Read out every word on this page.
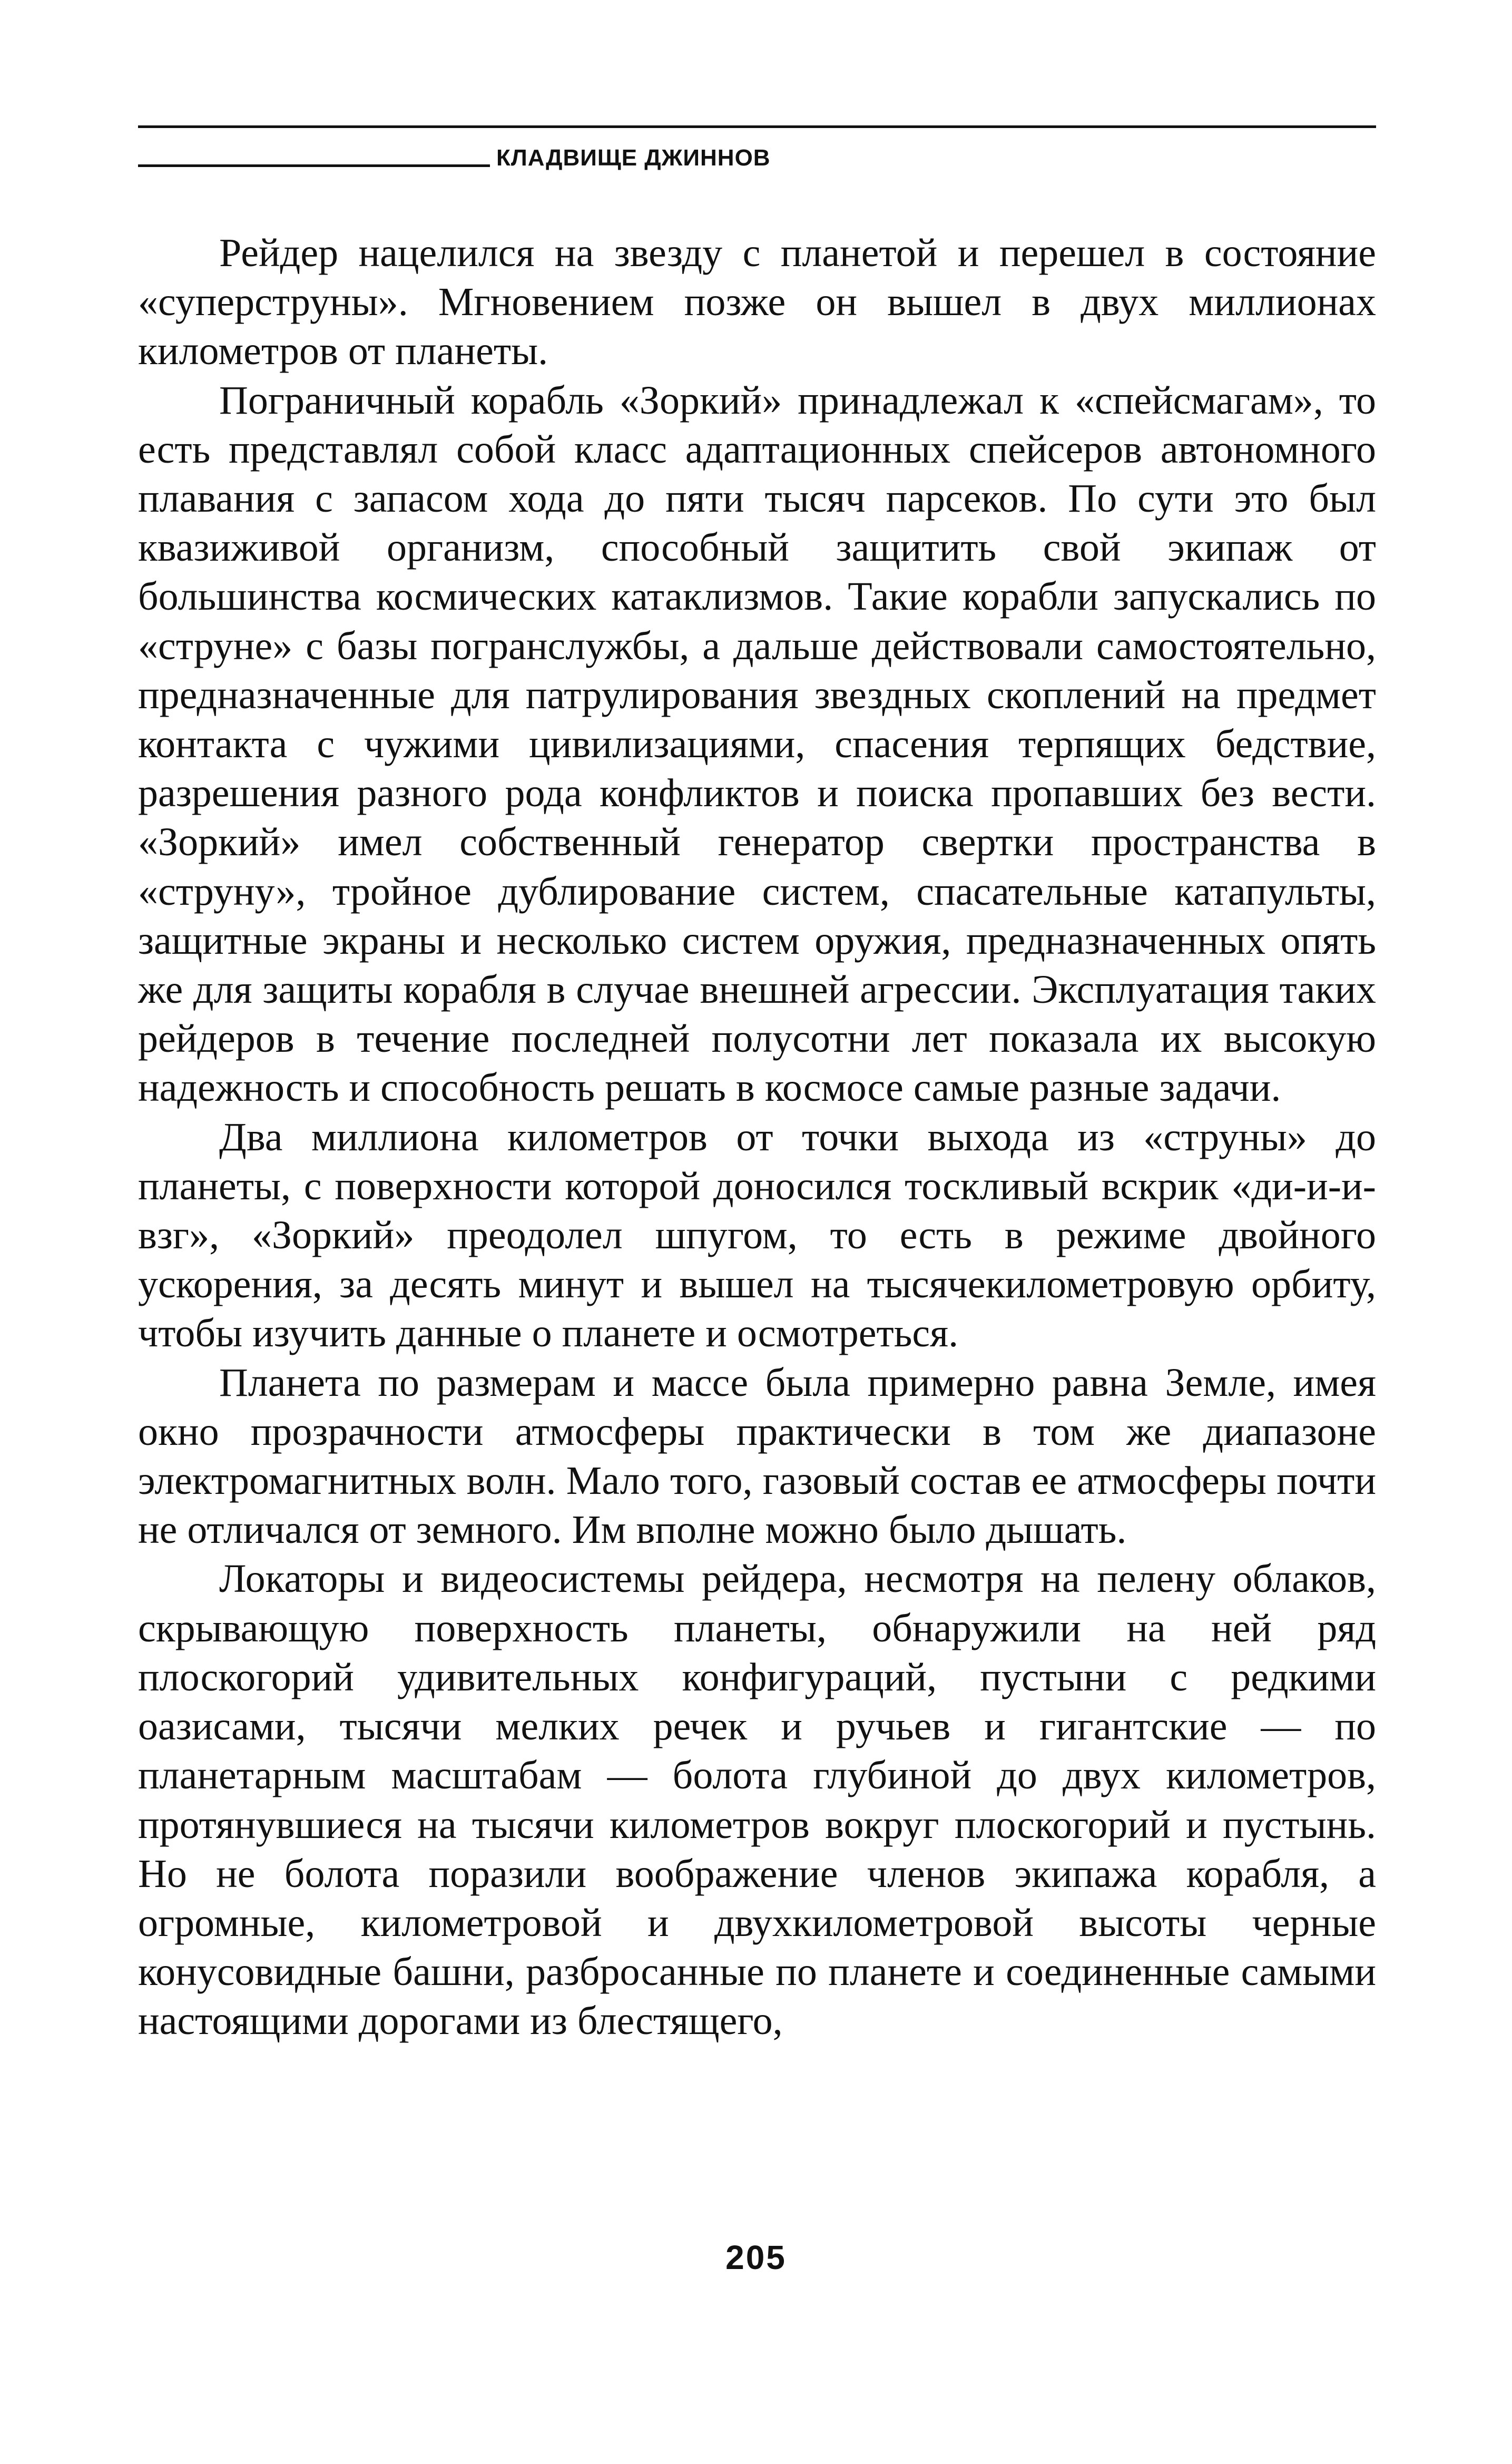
КЛАДВИЩЕ ДЖИННОВ

Рейдер нацелился на звезду с планетой и перешел в состояние «суперструны». Мгновением позже он вышел в двух миллионах километров от планеты.

Пограничный корабль «Зоркий» принадлежал к «спейсмагам», то есть представлял собой класс адаптационных спейсеров автономного плавания с запасом хода до пяти тысяч парсеков. По сути это был квазиживой организм, способный защитить свой экипаж от большинства космических катаклизмов. Такие корабли запускались по «струне» с базы погранслужбы, а дальше действовали самостоятельно, предназначенные для патрулирования звездных скоплений на предмет контакта с чужими цивилизациями, спасения терпящих бедствие, разрешения разного рода конфликтов и поиска пропавших без вести. «Зоркий» имел собственный генератор свертки пространства в «струну», тройное дублирование систем, спасательные катапульты, защитные экраны и несколько систем оружия, предназначенных опять же для защиты корабля в случае внешней агрессии. Эксплуатация таких рейдеров в течение последней полусотни лет показала их высокую надежность и способность решать в космосе самые разные задачи.

Два миллиона километров от точки выхода из «струны» до планеты, с поверхности которой доносился тоскливый вскрик «ди-и-и-взг», «Зоркий» преодолел шпугом, то есть в режиме двойного ускорения, за десять минут и вышел на тысячекилометровую орбиту, чтобы изучить данные о планете и осмотреться.

Планета по размерам и массе была примерно равна Земле, имея окно прозрачности атмосферы практически в том же диапазоне электромагнитных волн. Мало того, газовый состав ее атмосферы почти не отличался от земного. Им вполне можно было дышать.

Локаторы и видеосистемы рейдера, несмотря на пелену облаков, скрывающую поверхность планеты, обнаружили на ней ряд плоскогорий удивительных конфигураций, пустыни с редкими оазисами, тысячи мелких речек и ручьев и гигантские — по планетарным масштабам — болота глубиной до двух километров, протянувшиеся на тысячи километров вокруг плоскогорий и пустынь. Но не болота поразили воображение членов экипажа корабля, а огромные, километровой и двухкилометровой высоты черные конусовидные башни, разбросанные по планете и соединенные самыми настоящими дорогами из блестящего,

205
